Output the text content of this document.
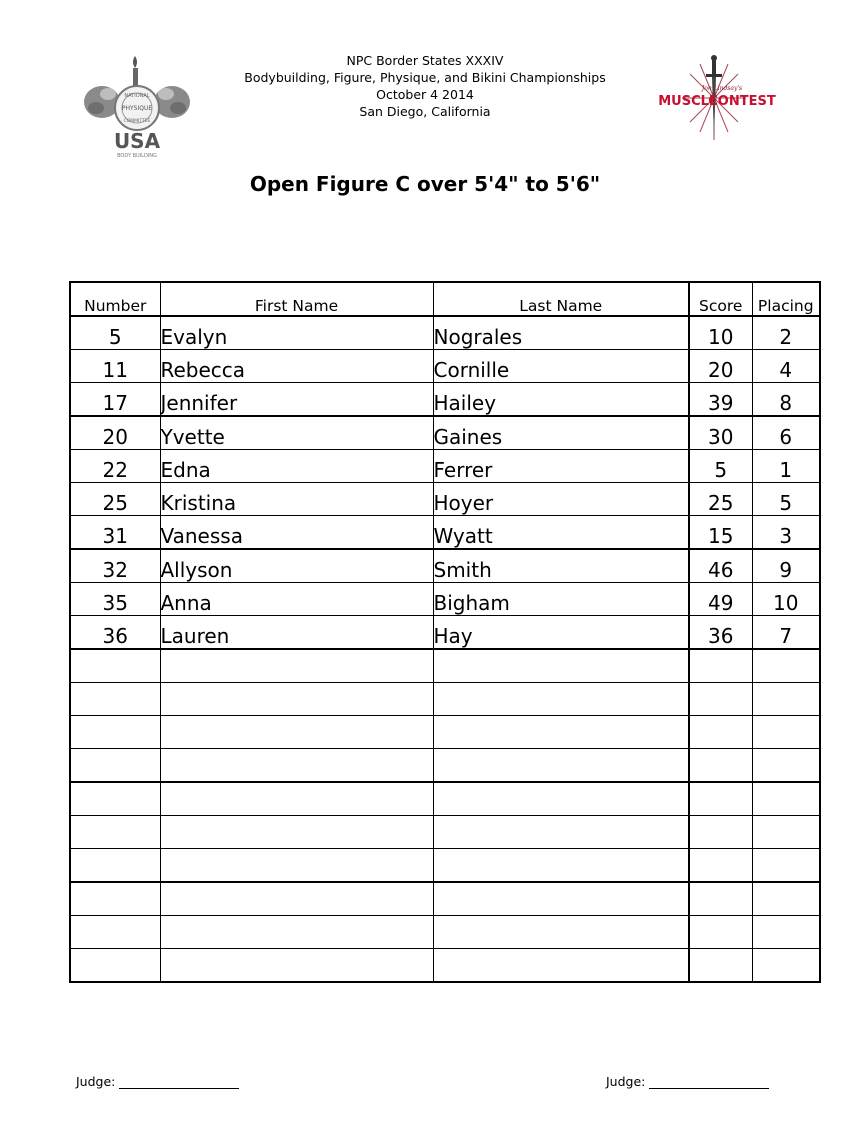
NATIONAL
PHYSIQUE
COMMITTEE
USA
BODY BUILDING
NPC Border States XXXIV
Bodybuilding, Figure, Physique, and Bikini Championships
October 4 2014
San Diego, California
Jon Lindsay's
MUSCLE
CONTEST
Open Figure C over 5'4" to 5'6"
Number	First Name	Last Name	Score	Placing
5	Evalyn	Nograles	10	2
11	Rebecca	Cornille	20	4
17	Jennifer	Hailey	39	8
20	Yvette	Gaines	30	6
22	Edna	Ferrer	5	1
25	Kristina	Hoyer	25	5
31	Vanessa	Wyatt	15	3
32	Allyson	Smith	46	9
35	Anna	Bigham	49	10
36	Lauren	Hay	36	7

Judge:	Judge:
